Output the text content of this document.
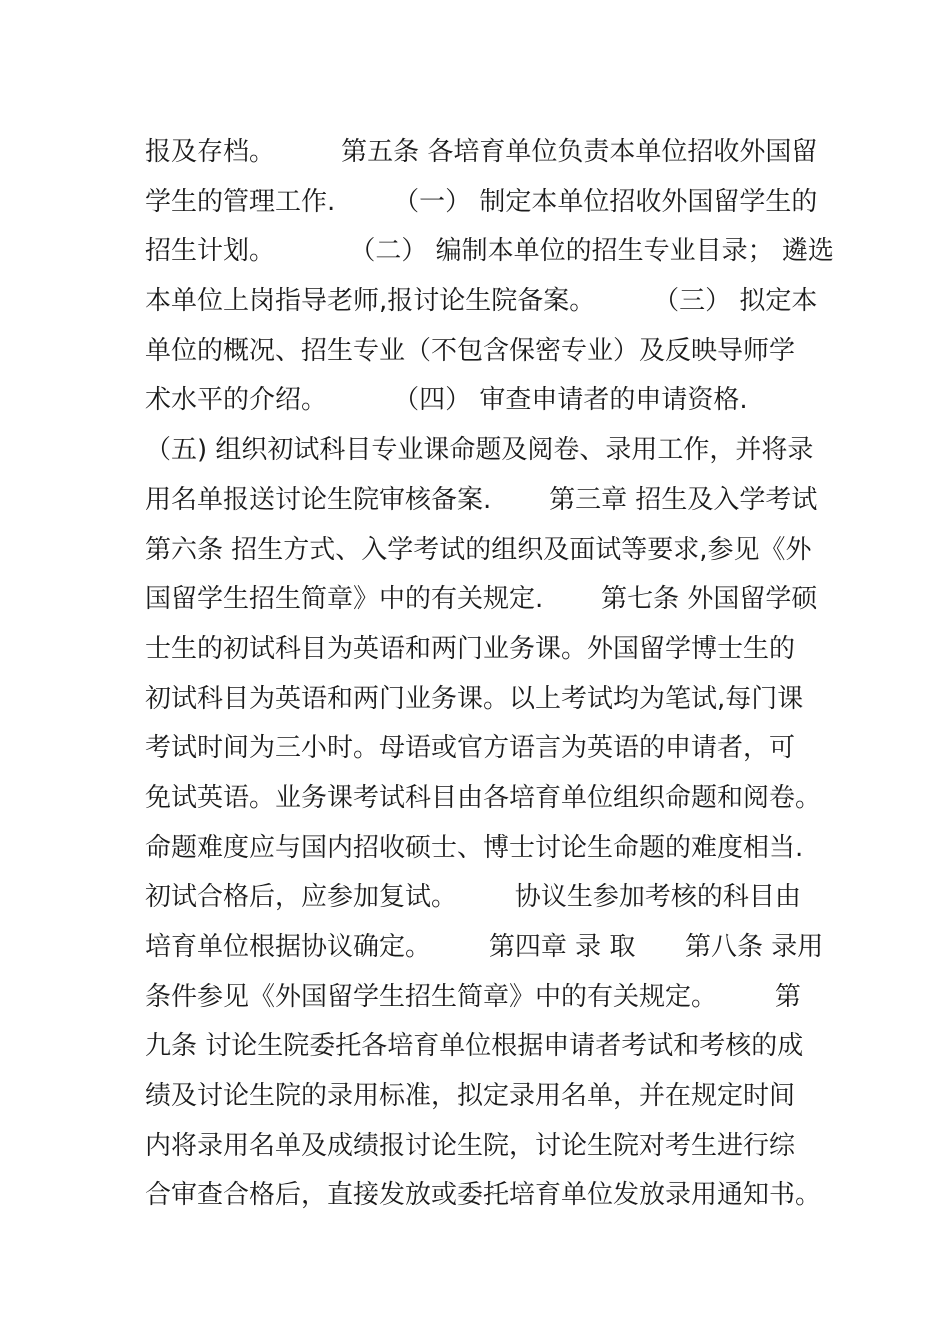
报及存档。        第五条 各培育单位负责本单位招收外国留
学生的管理工作.       （一） 制定本单位招收外国留学生的
招生计划。         （二） 编制本单位的招生专业目录； 遴选
本单位上岗指导老师,报讨论生院备案。       （三） 拟定本
单位的概况、招生专业（不包含保密专业）及反映导师学
术水平的介绍。        （四） 审查申请者的申请资格.
（五) 组织初试科目专业课命题及阅卷、录用工作，并将录
用名单报送讨论生院审核备案.       第三章 招生及入学考试
第六条 招生方式、入学考试的组织及面试等要求,参见《外
国留学生招生简章》中的有关规定.       第七条 外国留学硕
士生的初试科目为英语和两门业务课。外国留学博士生的
初试科目为英语和两门业务课。以上考试均为笔试,每门课
考试时间为三小时。母语或官方语言为英语的申请者，可
免试英语。业务课考试科目由各培育单位组织命题和阅卷。
命题难度应与国内招收硕士、博士讨论生命题的难度相当.
初试合格后，应参加复试。       协议生参加考核的科目由
培育单位根据协议确定。       第四章 录 取      第八条 录用
条件参见《外国留学生招生简章》中的有关规定。       第
九条 讨论生院委托各培育单位根据申请者考试和考核的成
绩及讨论生院的录用标准，拟定录用名单，并在规定时间
内将录用名单及成绩报讨论生院，讨论生院对考生进行综
合审查合格后，直接发放或委托培育单位发放录用通知书。
